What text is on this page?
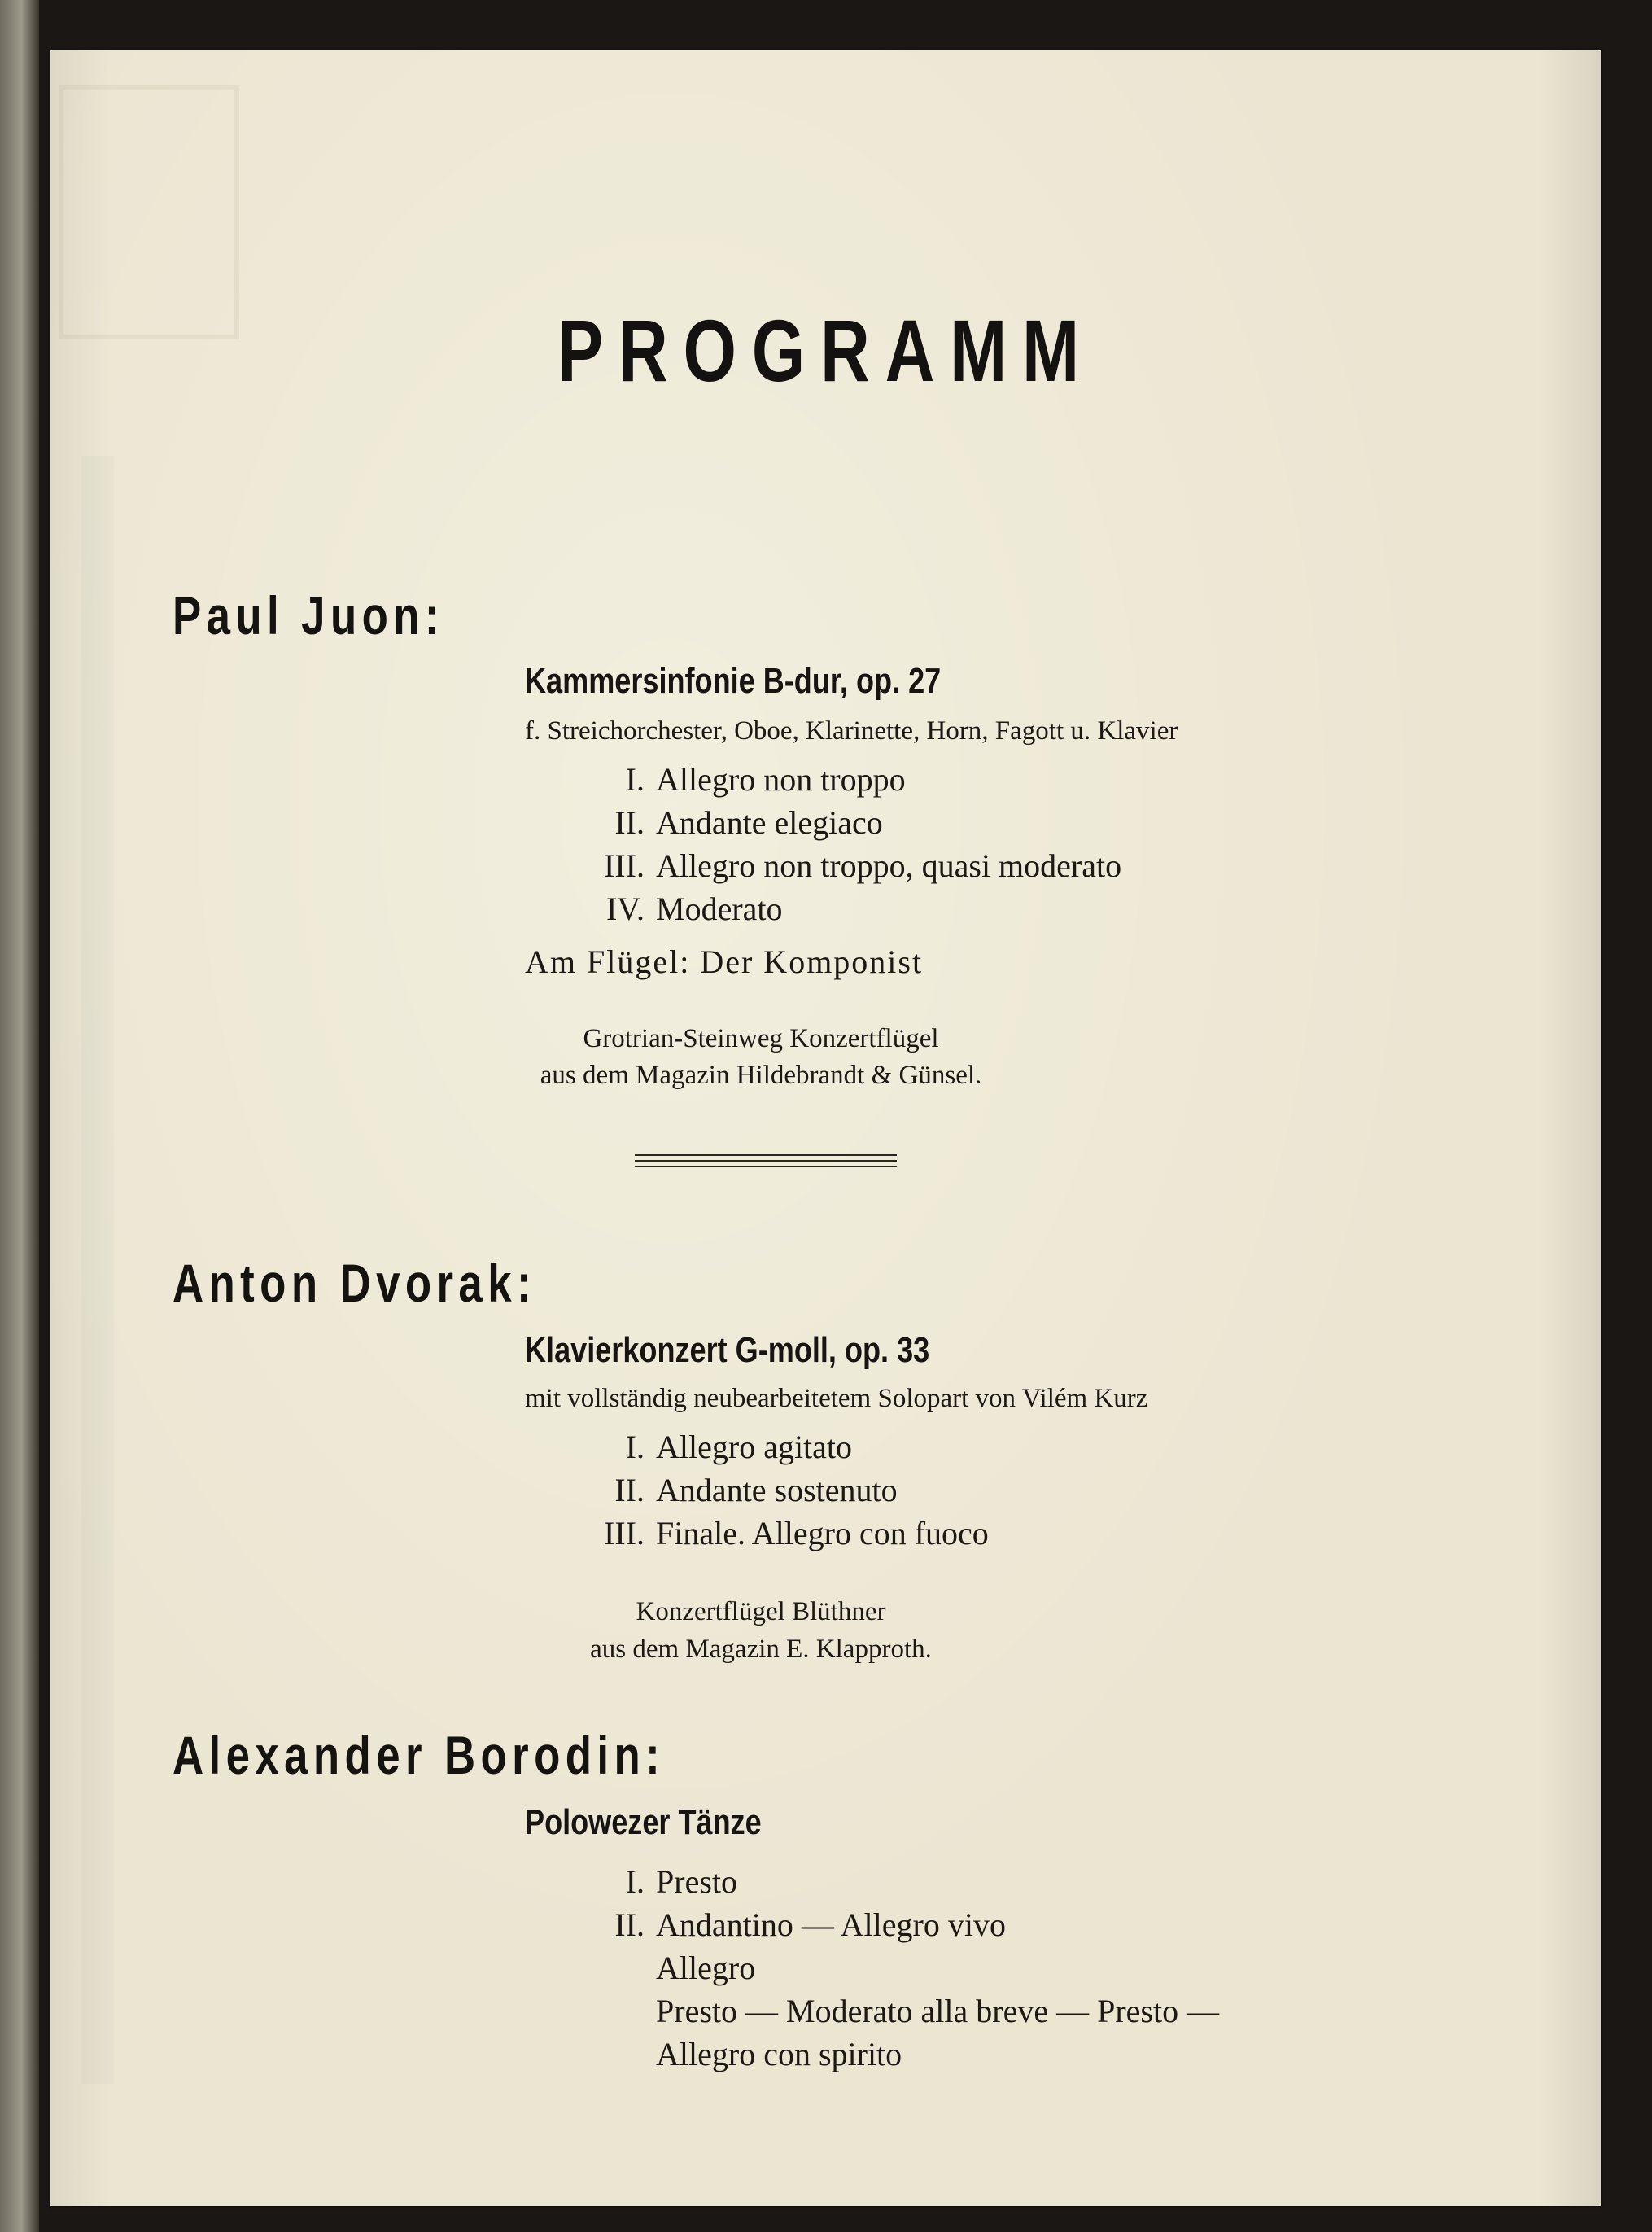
PROGRAMM
Paul Juon:
Kammersinfonie B-dur, op. 27
f. Streichorchester, Oboe, Klarinette, Horn, Fagott u. Klavier
I. Allegro non troppo
II. Andante elegiaco
III. Allegro non troppo, quasi moderato
IV. Moderato
Am Flügel: Der Komponist
Grotrian-Steinweg Konzertflügel
aus dem Magazin Hildebrandt & Günsel.
Anton Dvorak:
Klavierkonzert G-moll, op. 33
mit vollständig neubearbeitetem Solopart von Vilém Kurz
I. Allegro agitato
II. Andante sostenuto
III. Finale. Allegro con fuoco
Konzertflügel Blüthner
aus dem Magazin E. Klapproth.
Alexander Borodin:
Polowezer Tänze
I. Presto
II. Andantino — Allegro vivo
Allegro
Presto — Moderato alla breve — Presto —
Allegro con spirito
